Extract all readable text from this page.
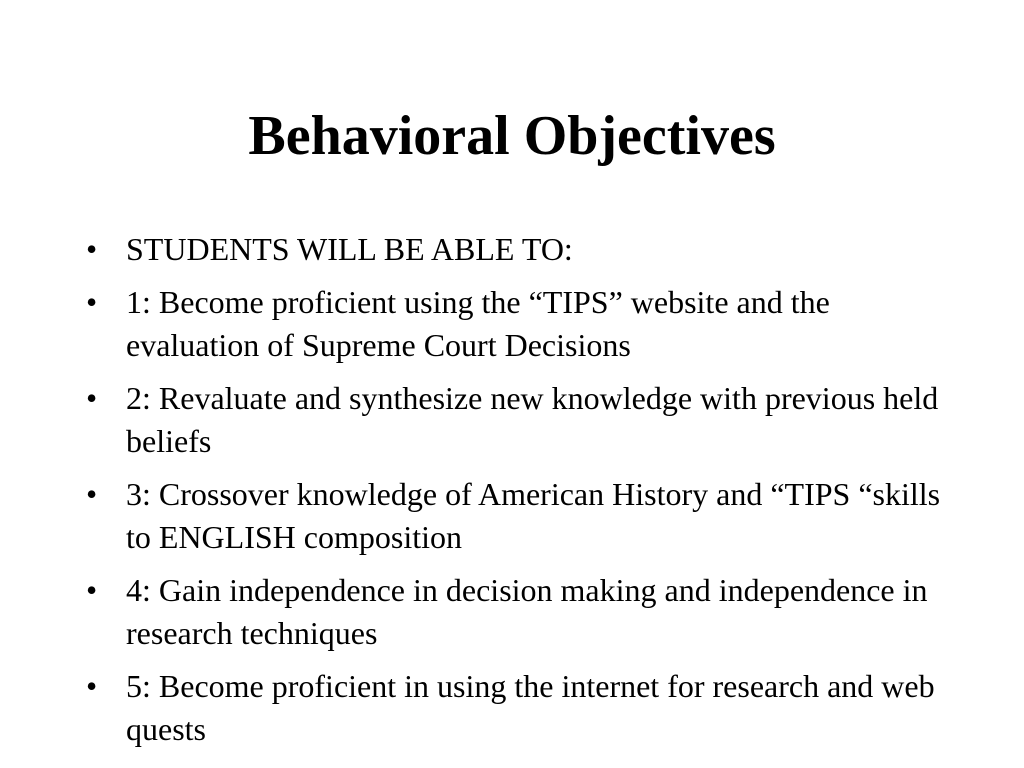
Behavioral Objectives
• STUDENTS WILL BE ABLE TO:
• 1: Become proficient using the “TIPS” website and the evaluation of Supreme Court Decisions
• 2: Revaluate and synthesize new knowledge with previous held beliefs
• 3: Crossover knowledge of American History and “TIPS “skills to ENGLISH composition
• 4: Gain independence in decision making and independence in research techniques
• 5: Become proficient in using the internet for research and web quests
